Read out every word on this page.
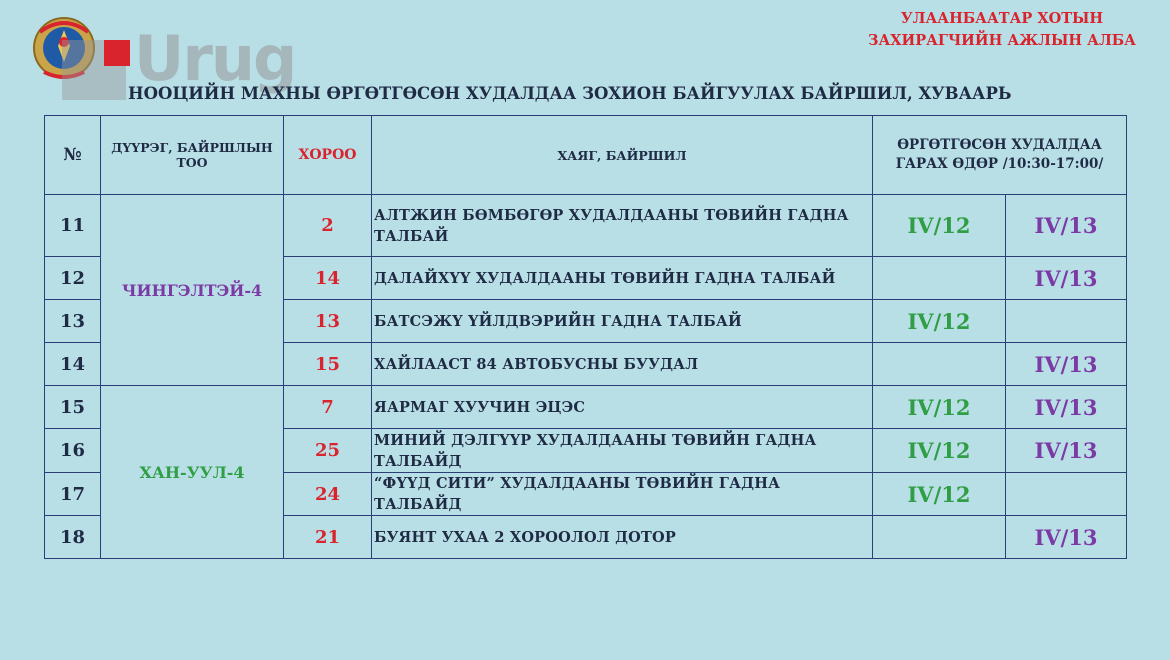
Urug
УЛААНБААТАР ХОТЫН
ЗАХИРАГЧИЙН АЖЛЫН АЛБА
НООЦИЙН МАХНЫ ӨРГӨТГӨСӨН ХУДАЛДАА ЗОХИОН БАЙГУУЛАХ БАЙРШИЛ, ХУВААРЬ
№	ДҮҮРЭГ, БАЙРШЛЫН ТОО	ХОРОО	ХАЯГ, БАЙРШИЛ	ӨРГӨТГӨСӨН ХУДАЛДАА ГАРАХ ӨДӨР /10:30-17:00/	
11	ЧИНГЭЛТЭЙ-4	2	АЛТЖИН БӨМБӨГӨР ХУДАЛДААНЫ ТӨВИЙН ГАДНА ТАЛБАЙ	IV/12	IV/13
12		14	ДАЛАЙХҮҮ ХУДАЛДААНЫ ТӨВИЙН ГАДНА ТАЛБАЙ		IV/13
13		13	БАТСЭЖҮ ҮЙЛДВЭРИЙН ГАДНА ТАЛБАЙ	IV/12	
14		15	ХАЙЛААСТ 84 АВТОБУСНЫ БУУДАЛ		IV/13
15	ХАН-УУЛ-4	7	ЯАРМАГ ХУУЧИН ЭЦЭС	IV/12	IV/13
16		25	МИНИЙ ДЭЛГҮҮР ХУДАЛДААНЫ ТӨВИЙН ГАДНА ТАЛБАЙД	IV/12	IV/13
17		24	“ФҮҮД СИТИ” ХУДАЛДААНЫ ТӨВИЙН ГАДНА ТАЛБАЙД	IV/12	
18		21	БУЯНТ УХАА 2 ХОРООЛОЛ ДОТОР		IV/13
